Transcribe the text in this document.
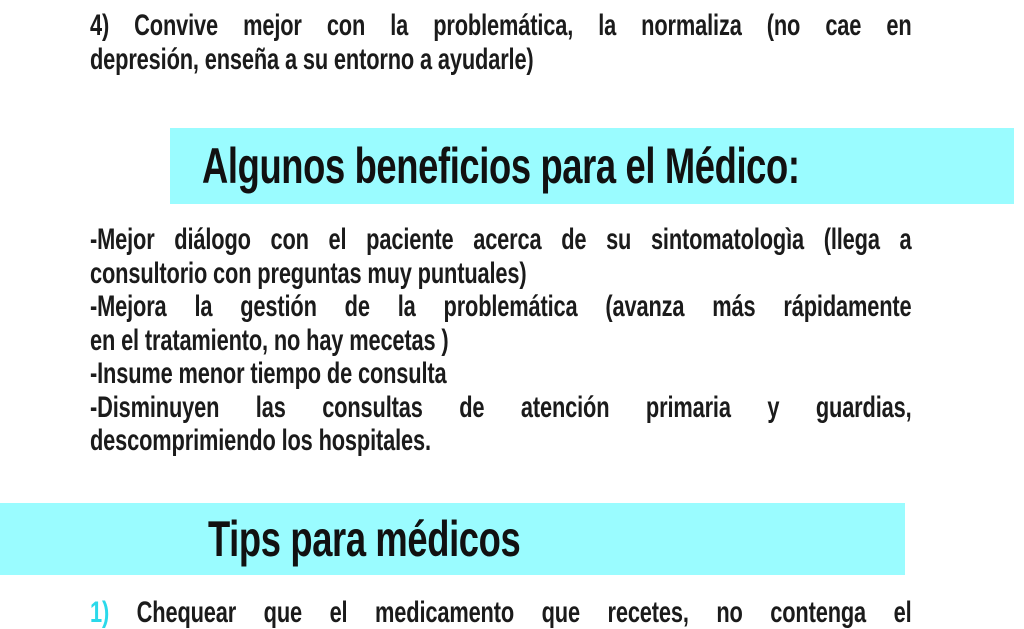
4) Convive mejor con la problemática, la normaliza (no cae en
depresión, enseña a su entorno a ayudarle)
Algunos beneficios para el Médico:
-Mejor diálogo con el paciente acerca de su sintomatologìa (llega a
consultorio con preguntas muy puntuales)
-Mejora la gestión de la problemática (avanza más rápidamente
en el tratamiento, no hay mecetas )
-Insume menor tiempo de consulta
-Disminuyen las consultas de atención primaria y guardias,
descomprimiendo los hospitales.
Tips para médicos
1) Chequear que el medicamento que recetes, no contenga el
